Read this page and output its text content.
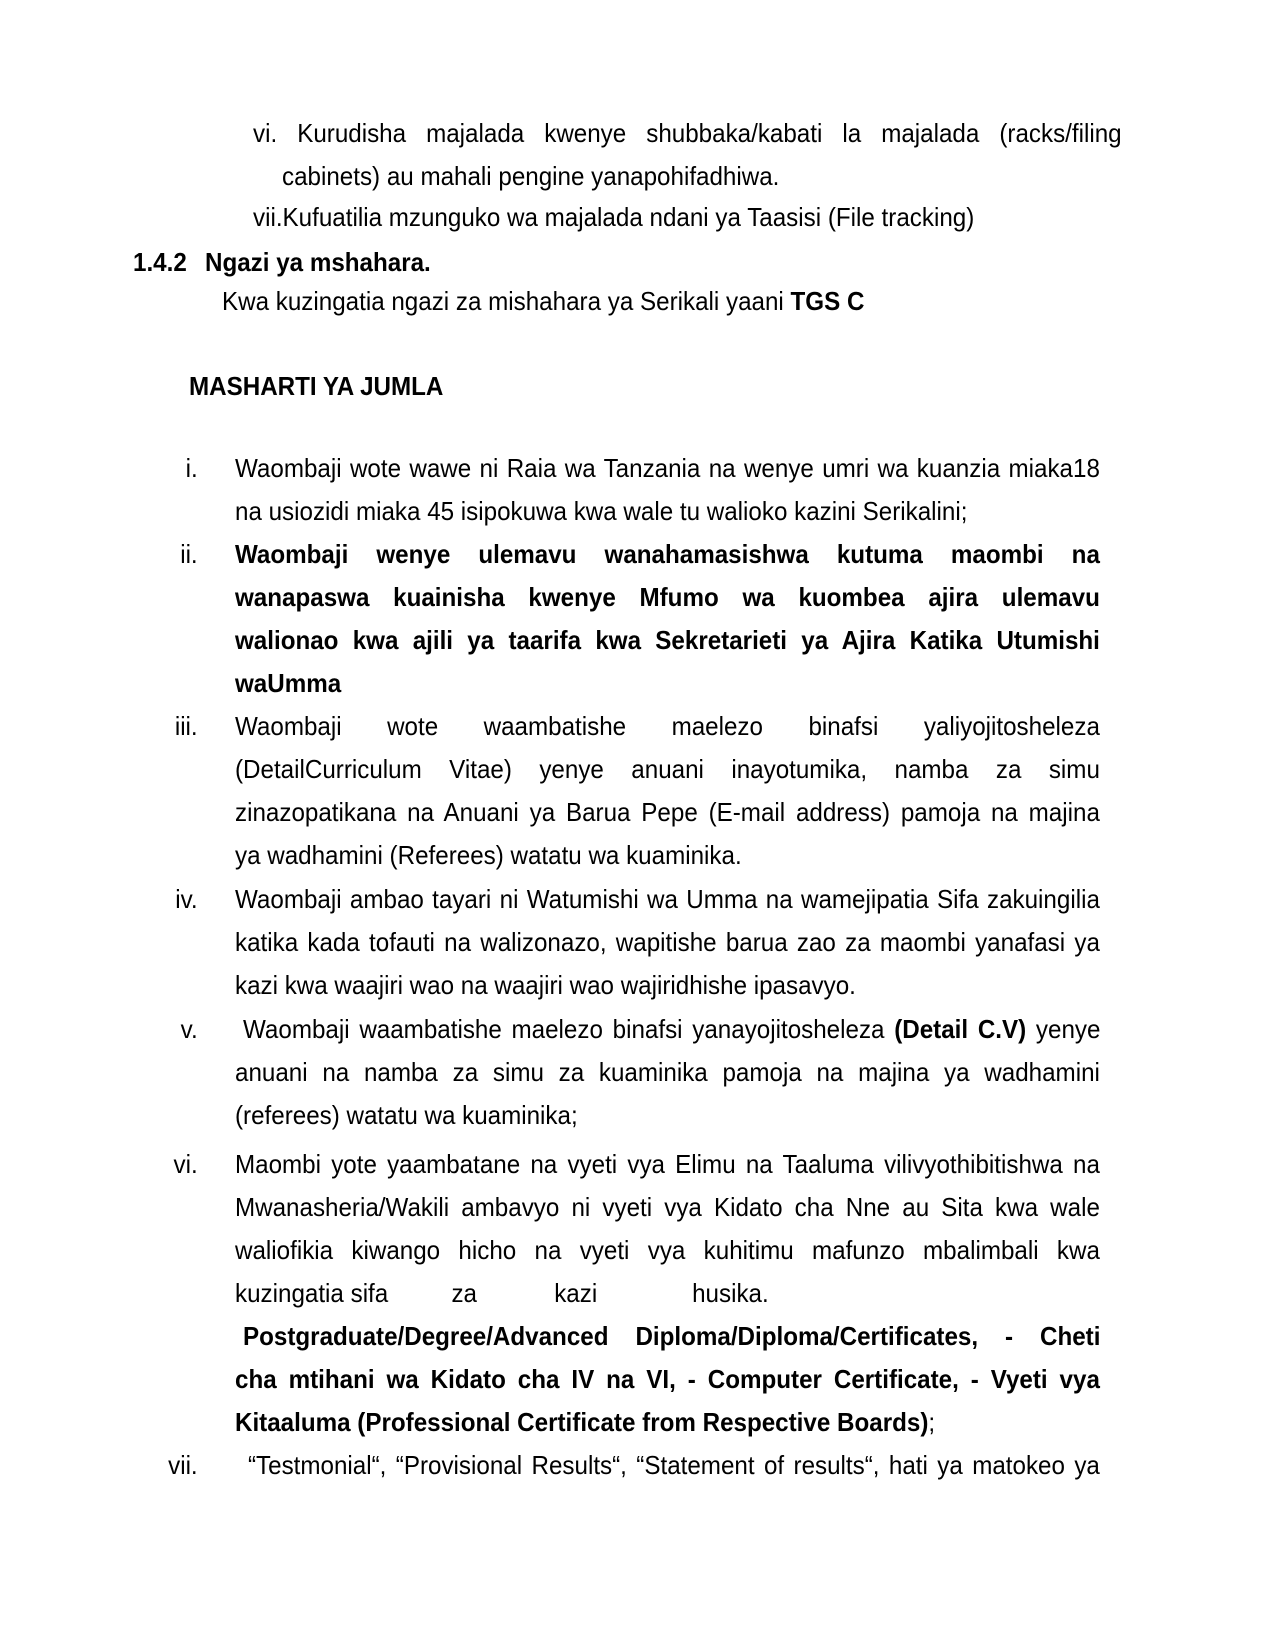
vi. Kurudisha majalada kwenye shubbaka/kabati la majalada (racks/filing
cabinets) au mahali pengine yanapohifadhiwa.
vii.Kufuatilia mzunguko wa majalada ndani ya Taasisi (File tracking)
1.4.2 Ngazi ya mshahara.
Kwa kuzingatia ngazi za mishahara ya Serikali yaani TGS C
MASHARTI YA JUMLA
i. Waombaji wote wawe ni Raia wa Tanzania na wenye umri wa kuanzia miaka18
na usiozidi miaka 45 isipokuwa kwa wale tu walioko kazini Serikalini;
ii. Waombaji wenye ulemavu wanahamasishwa kutuma maombi na
wanapaswa kuainisha kwenye Mfumo wa kuombea ajira ulemavu
walionao kwa ajili ya taarifa kwa Sekretarieti ya Ajira Katika Utumishi
waUmma
iii. Waombaji wote waambatishe maelezo binafsi yaliyojitosheleza
(DetailCurriculum Vitae) yenye anuani inayotumika, namba za simu
zinazopatikana na Anuani ya Barua Pepe (E-mail address) pamoja na majina
ya wadhamini (Referees) watatu wa kuaminika.
iv. Waombaji ambao tayari ni Watumishi wa Umma na wamejipatia Sifa zakuingilia
katika kada tofauti na walizonazo, wapitishe barua zao za maombi yanafasi ya
kazi kwa waajiri wao na waajiri wao wajiridhishe ipasavyo.
v. Waombaji waambatishe maelezo binafsi yanayojitosheleza (Detail C.V) yenye
anuani na namba za simu za kuaminika pamoja na majina ya wadhamini
(referees) watatu wa kuaminika;
vi. Maombi yote yaambatane na vyeti vya Elimu na Taaluma vilivyothibitishwa na
Mwanasheria/Wakili ambavyo ni vyeti vya Kidato cha Nne au Sita kwa wale
waliofikia kiwango hicho na vyeti vya kuhitimu mafunzo mbalimbali kwa
kuzingatia sifa za	kazi	husika.
Postgraduate/Degree/Advanced Diploma/Diploma/Certificates, - Cheti
cha mtihani wa Kidato cha IV na VI, - Computer Certificate, - Vyeti vya
Kitaaluma (Professional Certificate from Respective Boards);
vii. “Testmonial“, “Provisional Results“, “Statement of results“, hati ya matokeo ya
